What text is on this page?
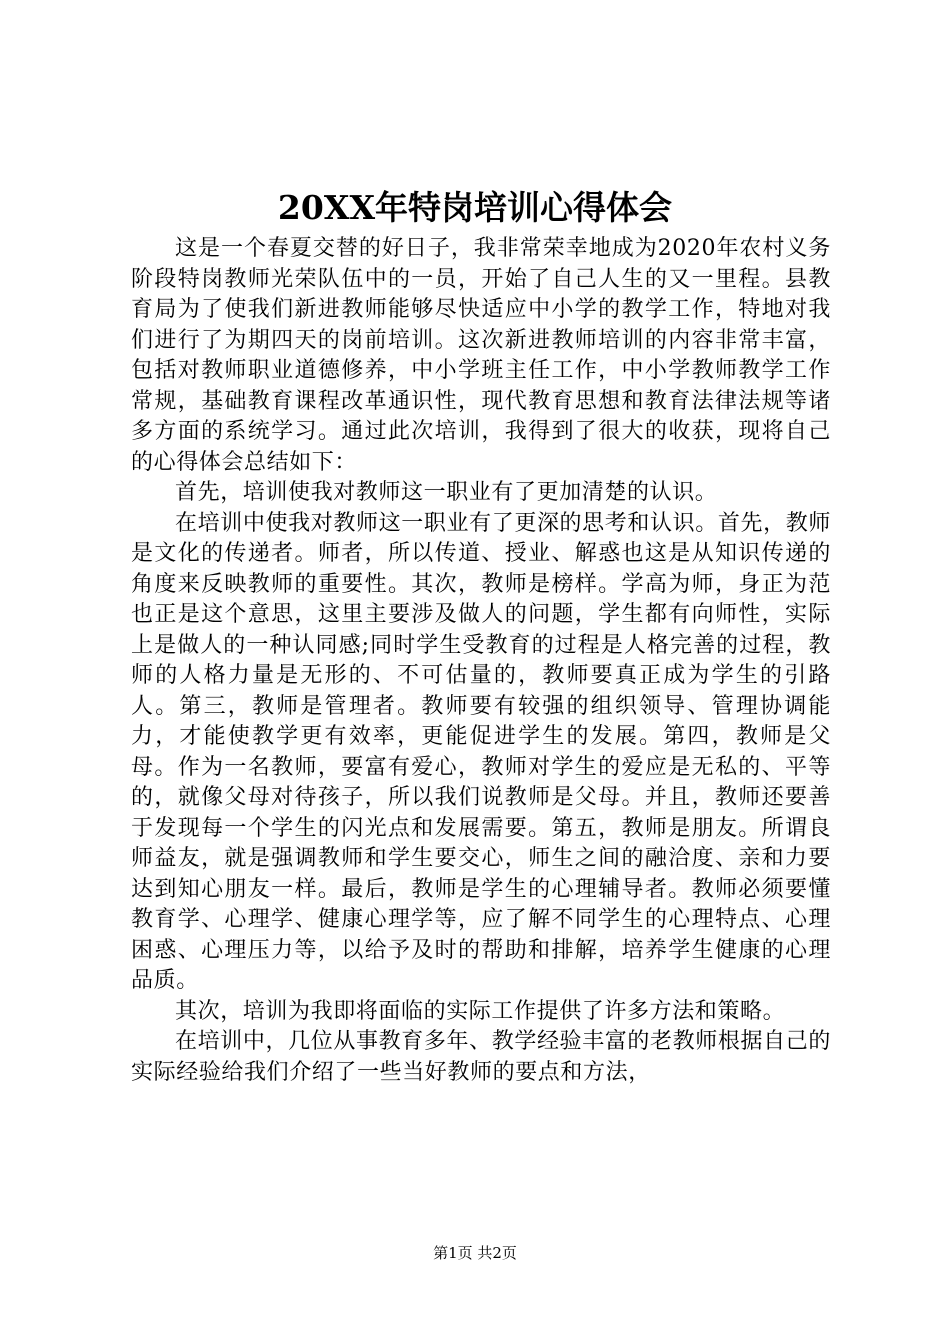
20XX年特岗培训心得体会

这是一个春夏交替的好日子，我非常荣幸地成为2020年农村义务阶段特岗教师光荣队伍中的一员，开始了自己人生的又一里程。县教育局为了使我们新进教师能够尽快适应中小学的教学工作，特地对我们进行了为期四天的岗前培训。这次新进教师培训的内容非常丰富，包括对教师职业道德修养，中小学班主任工作，中小学教师教学工作常规，基础教育课程改革通识性，现代教育思想和教育法律法规等诸多方面的系统学习。通过此次培训，我得到了很大的收获，现将自己的心得体会总结如下：

首先，培训使我对教师这一职业有了更加清楚的认识。

在培训中使我对教师这一职业有了更深的思考和认识。首先，教师是文化的传递者。师者，所以传道、授业、解惑也这是从知识传递的角度来反映教师的重要性。其次，教师是榜样。学高为师，身正为范也正是这个意思，这里主要涉及做人的问题，学生都有向师性，实际上是做人的一种认同感;同时学生受教育的过程是人格完善的过程，教师的人格力量是无形的、不可估量的，教师要真正成为学生的引路人。第三，教师是管理者。教师要有较强的组织领导、管理协调能力，才能使教学更有效率，更能促进学生的发展。第四，教师是父母。作为一名教师，要富有爱心，教师对学生的爱应是无私的、平等的，就像父母对待孩子，所以我们说教师是父母。并且，教师还要善于发现每一个学生的闪光点和发展需要。第五，教师是朋友。所谓良师益友，就是强调教师和学生要交心，师生之间的融洽度、亲和力要达到知心朋友一样。最后，教师是学生的心理辅导者。教师必须要懂教育学、心理学、健康心理学等，应了解不同学生的心理特点、心理困惑、心理压力等，以给予及时的帮助和排解，培养学生健康的心理品质。

其次，培训为我即将面临的实际工作提供了许多方法和策略。

在培训中，几位从事教育多年、教学经验丰富的老教师根据自己的实际经验给我们介绍了一些当好教师的要点和方法，

第1页 共2页
